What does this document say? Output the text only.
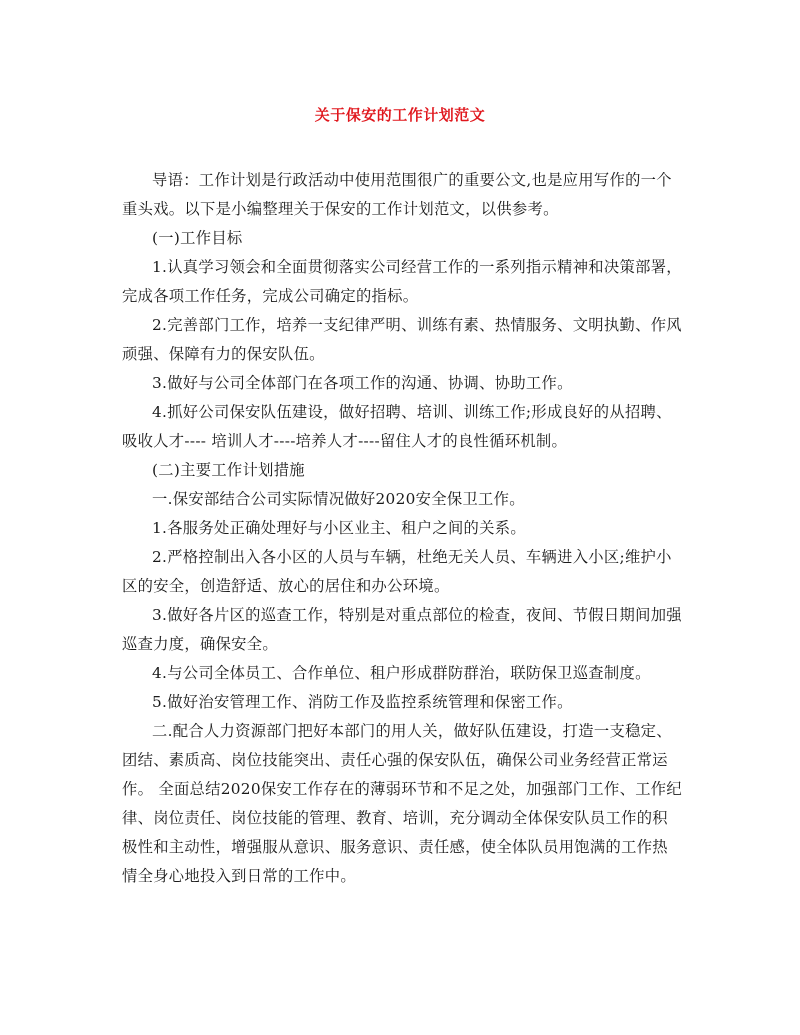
关于保安的工作计划范文

导语：工作计划是行政活动中使用范围很广的重要公文,也是应用写作的一个重头戏。以下是小编整理关于保安的工作计划范文，以供参考。

(一)工作目标

1.认真学习领会和全面贯彻落实公司经营工作的一系列指示精神和决策部署，完成各项工作任务，完成公司确定的指标。

2.完善部门工作，培养一支纪律严明、训练有素、热情服务、文明执勤、作风顽强、保障有力的保安队伍。

3.做好与公司全体部门在各项工作的沟通、协调、协助工作。

4.抓好公司保安队伍建设，做好招聘、培训、训练工作;形成良好的从招聘、吸收人才---- 培训人才----培养人才----留住人才的良性循环机制。

(二)主要工作计划措施

一.保安部结合公司实际情况做好2020安全保卫工作。

1.各服务处正确处理好与小区业主、租户之间的关系。

2.严格控制出入各小区的人员与车辆，杜绝无关人员、车辆进入小区;维护小区的安全，创造舒适、放心的居住和办公环境。

3.做好各片区的巡查工作，特别是对重点部位的检查，夜间、节假日期间加强巡查力度，确保安全。

4.与公司全体员工、合作单位、租户形成群防群治，联防保卫巡查制度。

5.做好治安管理工作、消防工作及监控系统管理和保密工作。

二.配合人力资源部门把好本部门的用人关，做好队伍建设，打造一支稳定、团结、素质高、岗位技能突出、责任心强的保安队伍，确保公司业务经营正常运作。 全面总结2020保安工作存在的薄弱环节和不足之处，加强部门工作、工作纪律、岗位责任、岗位技能的管理、教育、培训，充分调动全体保安队员工作的积极性和主动性，增强服从意识、服务意识、责任感，使全体队员用饱满的工作热情全身心地投入到日常的工作中。
